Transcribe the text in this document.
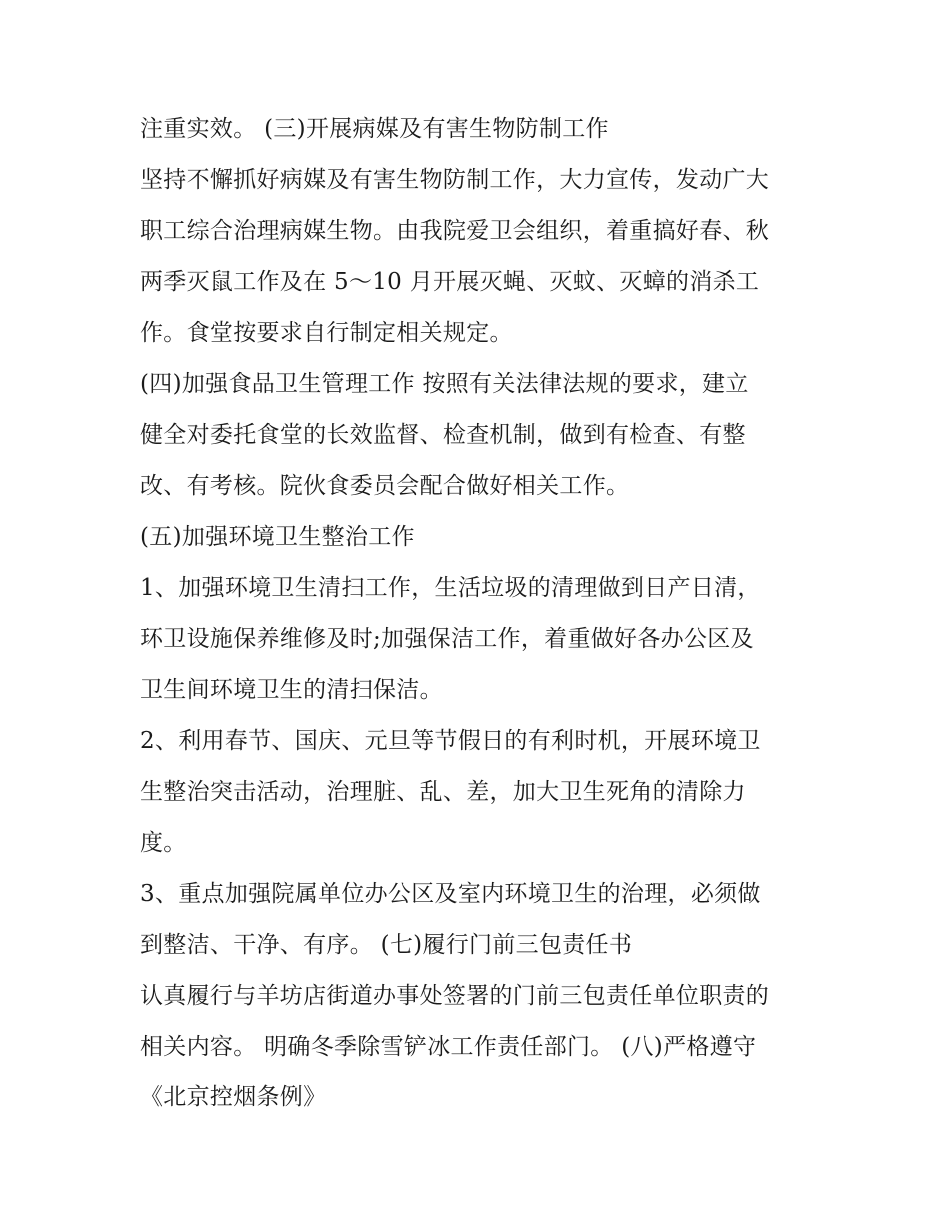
注重实效。 (三)开展病媒及有害生物防制工作
坚持不懈抓好病媒及有害生物防制工作，大力宣传，发动广大
职工综合治理病媒生物。由我院爱卫会组织，着重搞好春、秋
两季灭鼠工作及在 5～10 月开展灭蝇、灭蚊、灭蟑的消杀工
作。食堂按要求自行制定相关规定。
(四)加强食品卫生管理工作 按照有关法律法规的要求，建立
健全对委托食堂的长效监督、检查机制，做到有检查、有整
改、有考核。院伙食委员会配合做好相关工作。
(五)加强环境卫生整治工作
1、加强环境卫生清扫工作，生活垃圾的清理做到日产日清，
环卫设施保养维修及时;加强保洁工作，着重做好各办公区及
卫生间环境卫生的清扫保洁。
2、利用春节、国庆、元旦等节假日的有利时机，开展环境卫
生整治突击活动，治理脏、乱、差，加大卫生死角的清除力
度。
3、重点加强院属单位办公区及室内环境卫生的治理，必须做
到整洁、干净、有序。 (七)履行门前三包责任书
认真履行与羊坊店街道办事处签署的门前三包责任单位职责的
相关内容。 明确冬季除雪铲冰工作责任部门。 (八)严格遵守
《北京控烟条例》
